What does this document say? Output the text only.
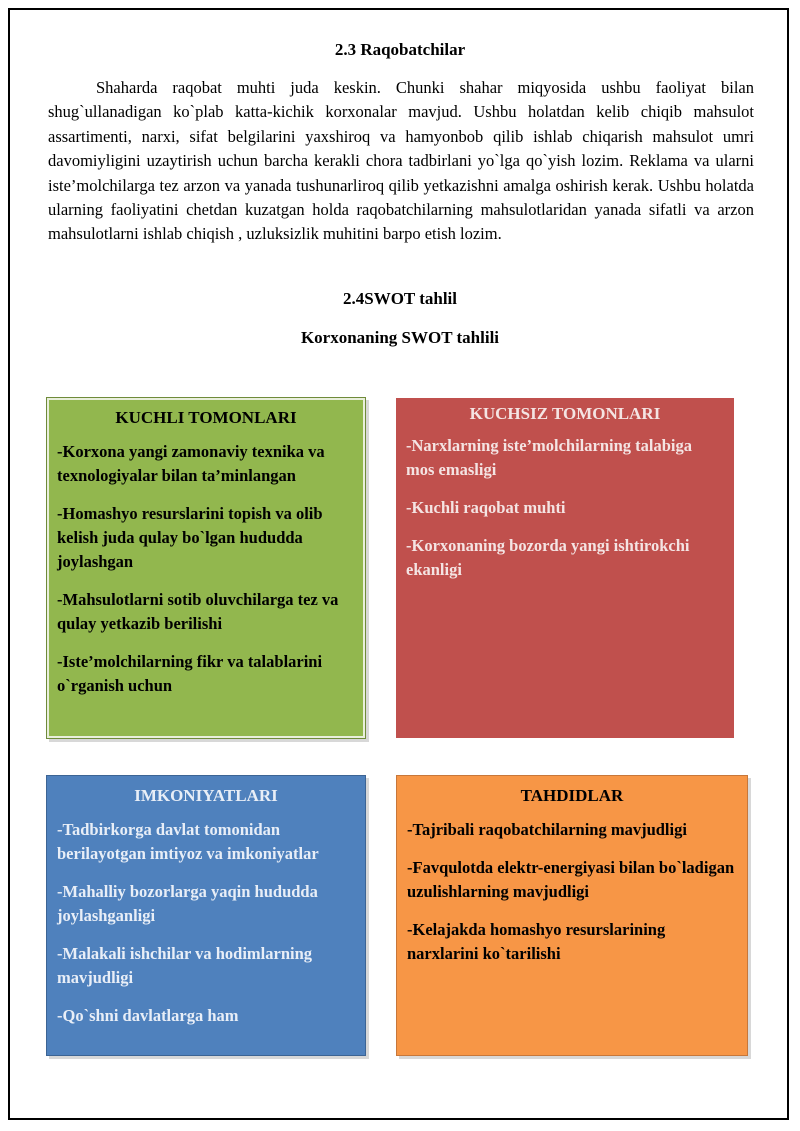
2.3 Raqobatchilar

Shaharda raqobat muhti juda keskin. Chunki shahar miqyosida ushbu faoliyat bilan shug`ullanadigan ko`plab katta-kichik korxonalar mavjud. Ushbu holatdan kelib chiqib mahsulot assartimenti, narxi, sifat belgilarini yaxshiroq va hamyonbob qilib ishlab chiqarish mahsulot umri davomiyligini uzaytirish uchun barcha kerakli chora tadbirlani yo`lga qo`yish lozim. Reklama va ularni iste’molchilarga tez arzon va yanada tushunarliroq qilib yetkazishni amalga oshirish kerak. Ushbu holatda ularning faoliyatini chetdan kuzatgan holda raqobatchilarning mahsulotlaridan yanada sifatli va arzon mahsulotlarni ishlab chiqish , uzluksizlik muhitini barpo etish lozim.

2.4SWOT tahlil
Korxonaning SWOT tahlili
KUCHLI TOMONLARI

-Korxona yangi zamonaviy texnika va texnologiyalar bilan ta’minlangan

-Homashyo resurslarini topish va olib kelish juda qulay bo`lgan hududda joylashgan

-Mahsulotlarni sotib oluvchilarga tez va qulay yetkazib berilishi

-Iste’molchilarning fikr va talablarini o`rganish uchun

KUCHSIZ TOMONLARI

-Narxlarning iste’molchilarning talabiga mos emasligi

-Kuchli raqobat muhti

-Korxonaning bozorda yangi ishtirokchi ekanligi

IMKONIYATLARI

-Tadbirkorga davlat tomonidan berilayotgan imtiyoz va imkoniyatlar

-Mahalliy bozorlarga yaqin hududda joylashganligi

-Malakali ishchilar va hodimlarning mavjudligi

-Qo`shni davlatlarga ham

TAHDIDLAR

-Tajribali raqobatchilarning mavjudligi

-Favqulotda elektr-energiyasi bilan bo`ladigan uzulishlarning mavjudligi

-Kelajakda homashyo resurslarining narxlarini ko`tarilishi
